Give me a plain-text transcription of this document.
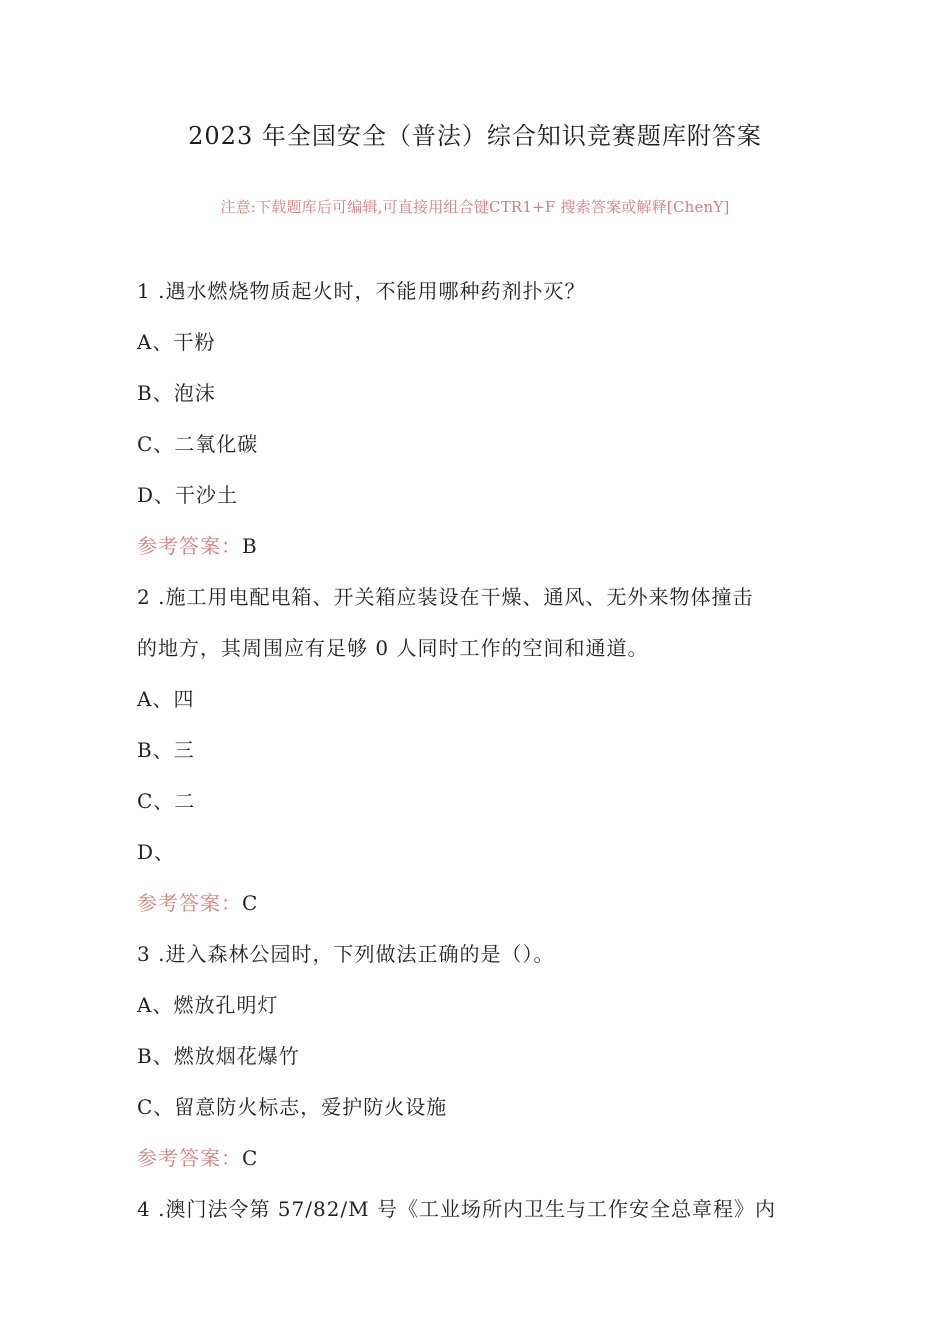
2023 年全国安全（普法）综合知识竞赛题库附答案
注意:下载题库后可编辑,可直接用组合键CTR1+F 搜索答案或解释[ChenY]
1 .遇水燃烧物质起火时，不能用哪种药剂扑灭？
A、干粉
B、泡沫
C、二氧化碳
D、干沙土
参考答案：B
2 .施工用电配电箱、开关箱应装设在干燥、通风、无外来物体撞击
的地方，其周围应有足够 0 人同时工作的空间和通道。
A、四
B、三
C、二
D、
参考答案：C
3 .进入森林公园时，下列做法正确的是（）。
A、燃放孔明灯
B、燃放烟花爆竹
C、留意防火标志，爱护防火设施
参考答案：C
4 .澳门法令第 57/82/M 号《工业场所内卫生与工作安全总章程》内
